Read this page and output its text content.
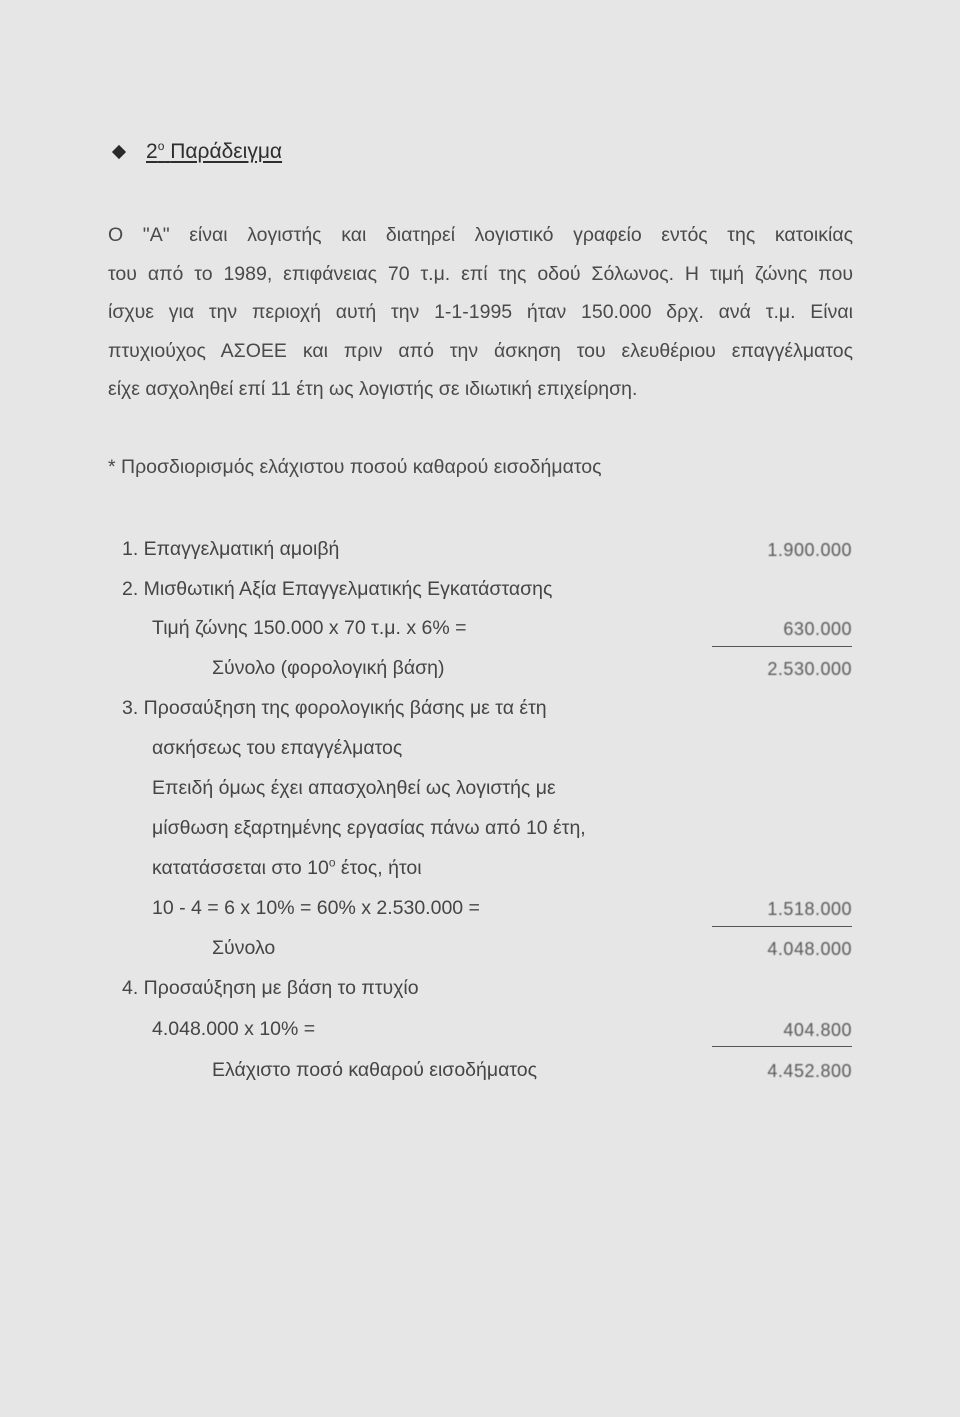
$2^o$ Παράδειγμα
Ο "Α" είναι λογιστής και διατηρεί λογιστικό γραφείο εντός της κατοικίας
του από το 1989, επιφάνειας 70 τ.μ. επί της οδού Σόλωνος. Η τιμή ζώνης που
ίσχυε για την περιοχή αυτή την 1-1-1995 ήταν 150.000 δρχ. ανά τ.μ. Είναι
πτυχιούχος ΑΣΟΕΕ και πριν από την άσκηση του ελευθέριου επαγγέλματος
είχε ασχοληθεί επί 11 έτη ως λογιστής σε ιδιωτική επιχείρηση.
* Προσδιορισμός ελάχιστου ποσού καθαρού εισοδήματος
1. Επαγγελματική αμοιβή	1.900.000
2. Μισθωτική Αξία Επαγγελματικής Εγκατάστασης
Τιμή ζώνης 150.000 x 70 τ.μ. x 6% =	630.000
Σύνολο (φορολογική βάση)	2.530.000
3. Προσαύξηση της φορολογικής βάσης με τα έτη
ασκήσεως του επαγγέλματος
Επειδή όμως έχει απασχοληθεί ως λογιστής με
μίσθωση εξαρτημένης εργασίας πάνω από 10 έτη,
κατατάσσεται στο $10^o$ έτος, ήτοι
10 - 4 = 6 x 10% = 60% x 2.530.000 =	1.518.000
Σύνολο	4.048.000
4. Προσαύξηση με βάση το πτυχίο
4.048.000 x 10% =	404.800
Ελάχιστο ποσό καθαρού εισοδήματος	4.452.800
